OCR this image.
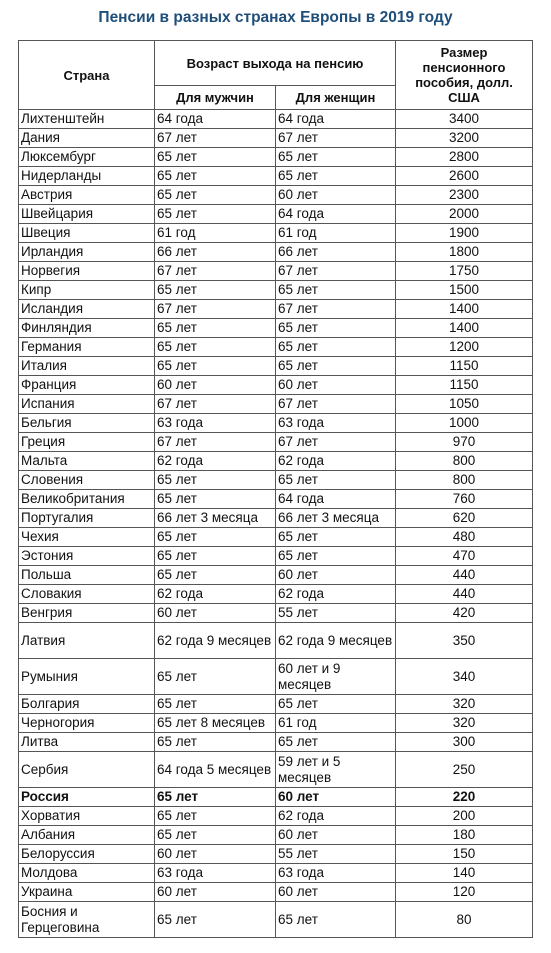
Пенсии в разных странах Европы в 2019 году
Страна	Возраст выхода на пенсию		Размер пенсионного пособия, долл. США
	Для мужчин	Для женщин	
Лихтенштейн	64 года	64 года	3400
Дания	67 лет	67 лет	3200
Люксембург	65 лет	65 лет	2800
Нидерланды	65 лет	65 лет	2600
Австрия	65 лет	60 лет	2300
Швейцария	65 лет	64 года	2000
Швеция	61 год	61 год	1900
Ирландия	66 лет	66 лет	1800
Норвегия	67 лет	67 лет	1750
Кипр	65 лет	65 лет	1500
Исландия	67 лет	67 лет	1400
Финляндия	65 лет	65 лет	1400
Германия	65 лет	65 лет	1200
Италия	65 лет	65 лет	1150
Франция	60 лет	60 лет	1150
Испания	67 лет	67 лет	1050
Бельгия	63 года	63 года	1000
Греция	67 лет	67 лет	970
Мальта	62 года	62 года	800
Словения	65 лет	65 лет	800
Великобритания	65 лет	64 года	760
Португалия	66 лет 3 месяца	66 лет 3 месяца	620
Чехия	65 лет	65 лет	480
Эстония	65 лет	65 лет	470
Польша	65 лет	60 лет	440
Словакия	62 года	62 года	440
Венгрия	60 лет	55 лет	420
Латвия	62 года 9 месяцев	62 года 9 месяцев	350
Румыния	65 лет	60 лет и 9 месяцев	340
Болгария	65 лет	65 лет	320
Черногория	65 лет 8 месяцев	61 год	320
Литва	65 лет	65 лет	300
Сербия	64 года 5 месяцев	59 лет и 5 месяцев	250
Россия	65 лет	60 лет	220
Хорватия	65 лет	62 года	200
Албания	65 лет	60 лет	180
Белоруссия	60 лет	55 лет	150
Молдова	63 года	63 года	140
Украина	60 лет	60 лет	120
Босния и Герцеговина	65 лет	65 лет	80
